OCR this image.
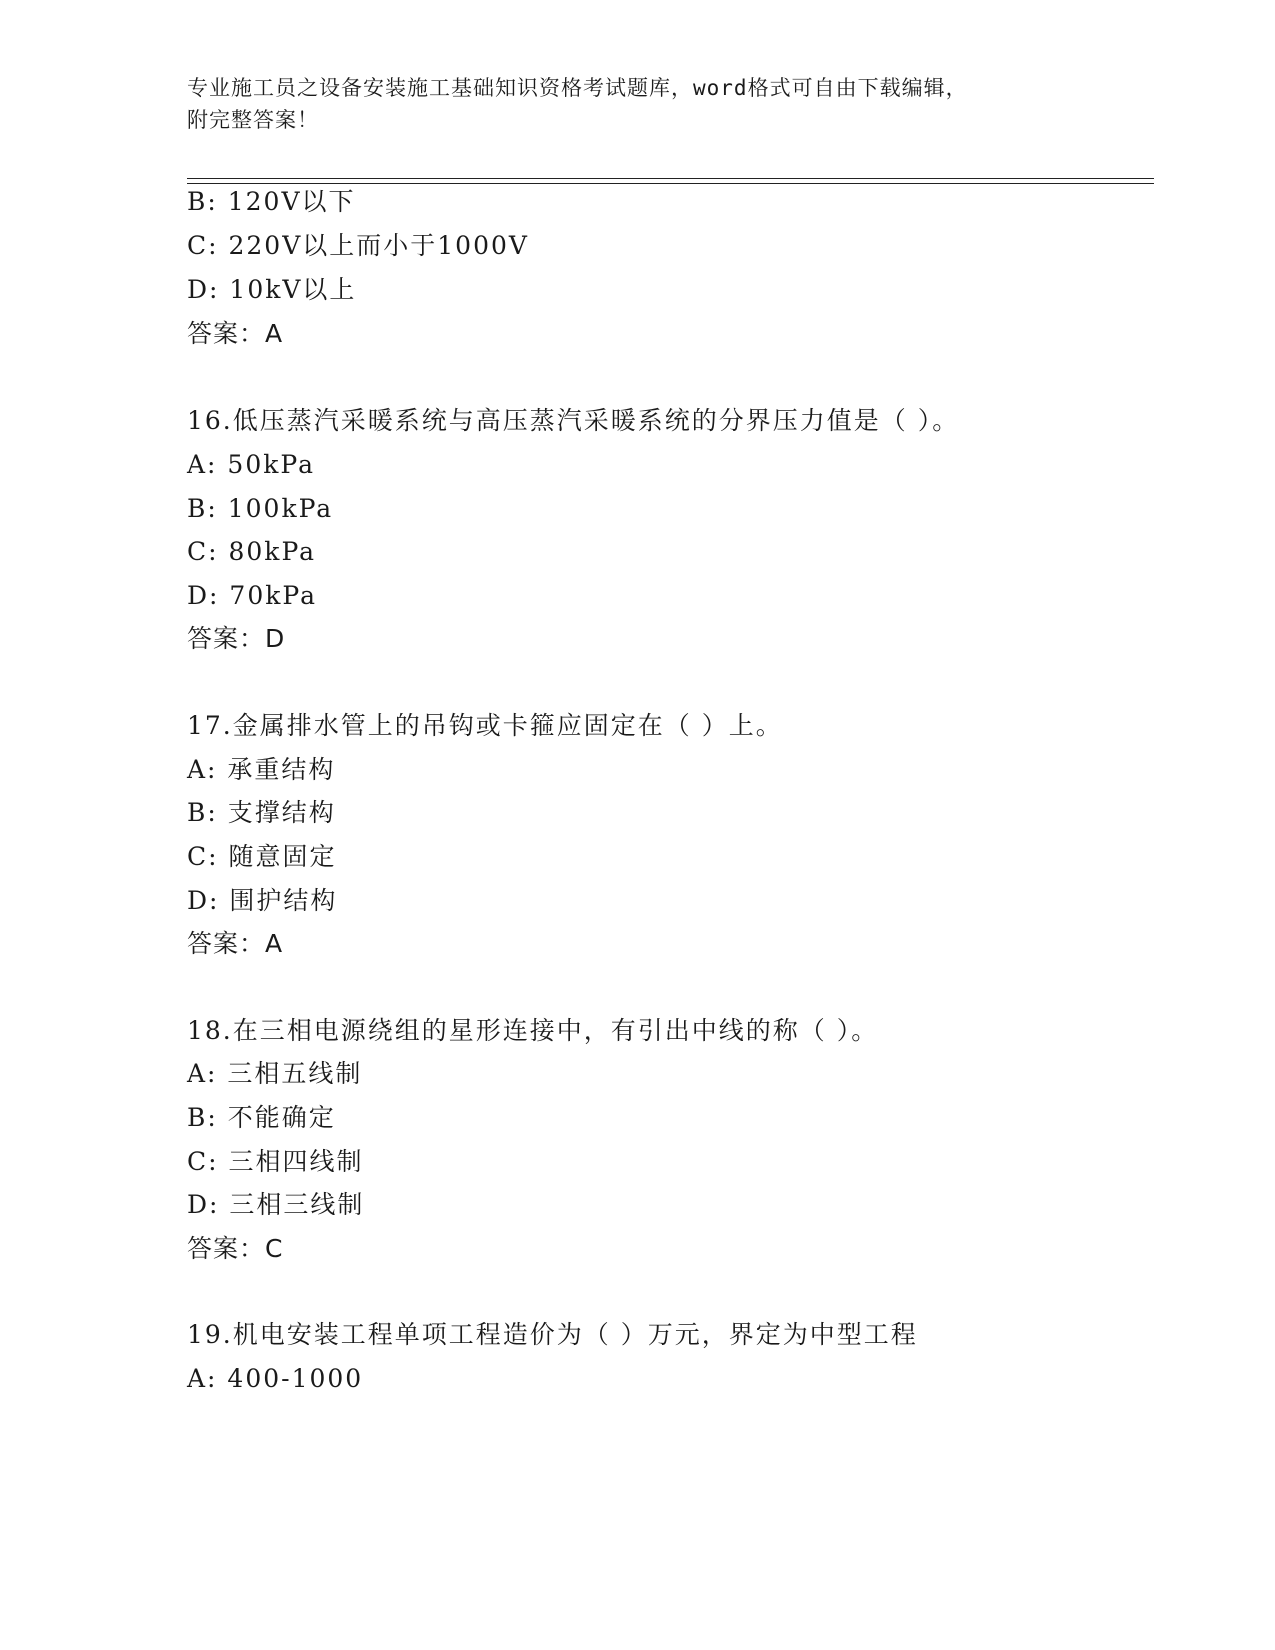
专业施工员之设备安装施工基础知识资格考试题库，word格式可自由下载编辑，
附完整答案！
B: 120V以下
C: 220V以上而小于1000V
D: 10kV以上
答案：A
16.低压蒸汽采暖系统与高压蒸汽采暖系统的分界压力值是（ ）。
A: 50kPa
B: 100kPa
C: 80kPa
D: 70kPa
答案：D
17.金属排水管上的吊钩或卡箍应固定在（ ）上。
A: 承重结构
B: 支撑结构
C: 随意固定
D: 围护结构
答案：A
18.在三相电源绕组的星形连接中，有引出中线的称（ ）。
A: 三相五线制
B: 不能确定
C: 三相四线制
D: 三相三线制
答案：C
19.机电安装工程单项工程造价为（ ）万元，界定为中型工程
A: 400-1000
